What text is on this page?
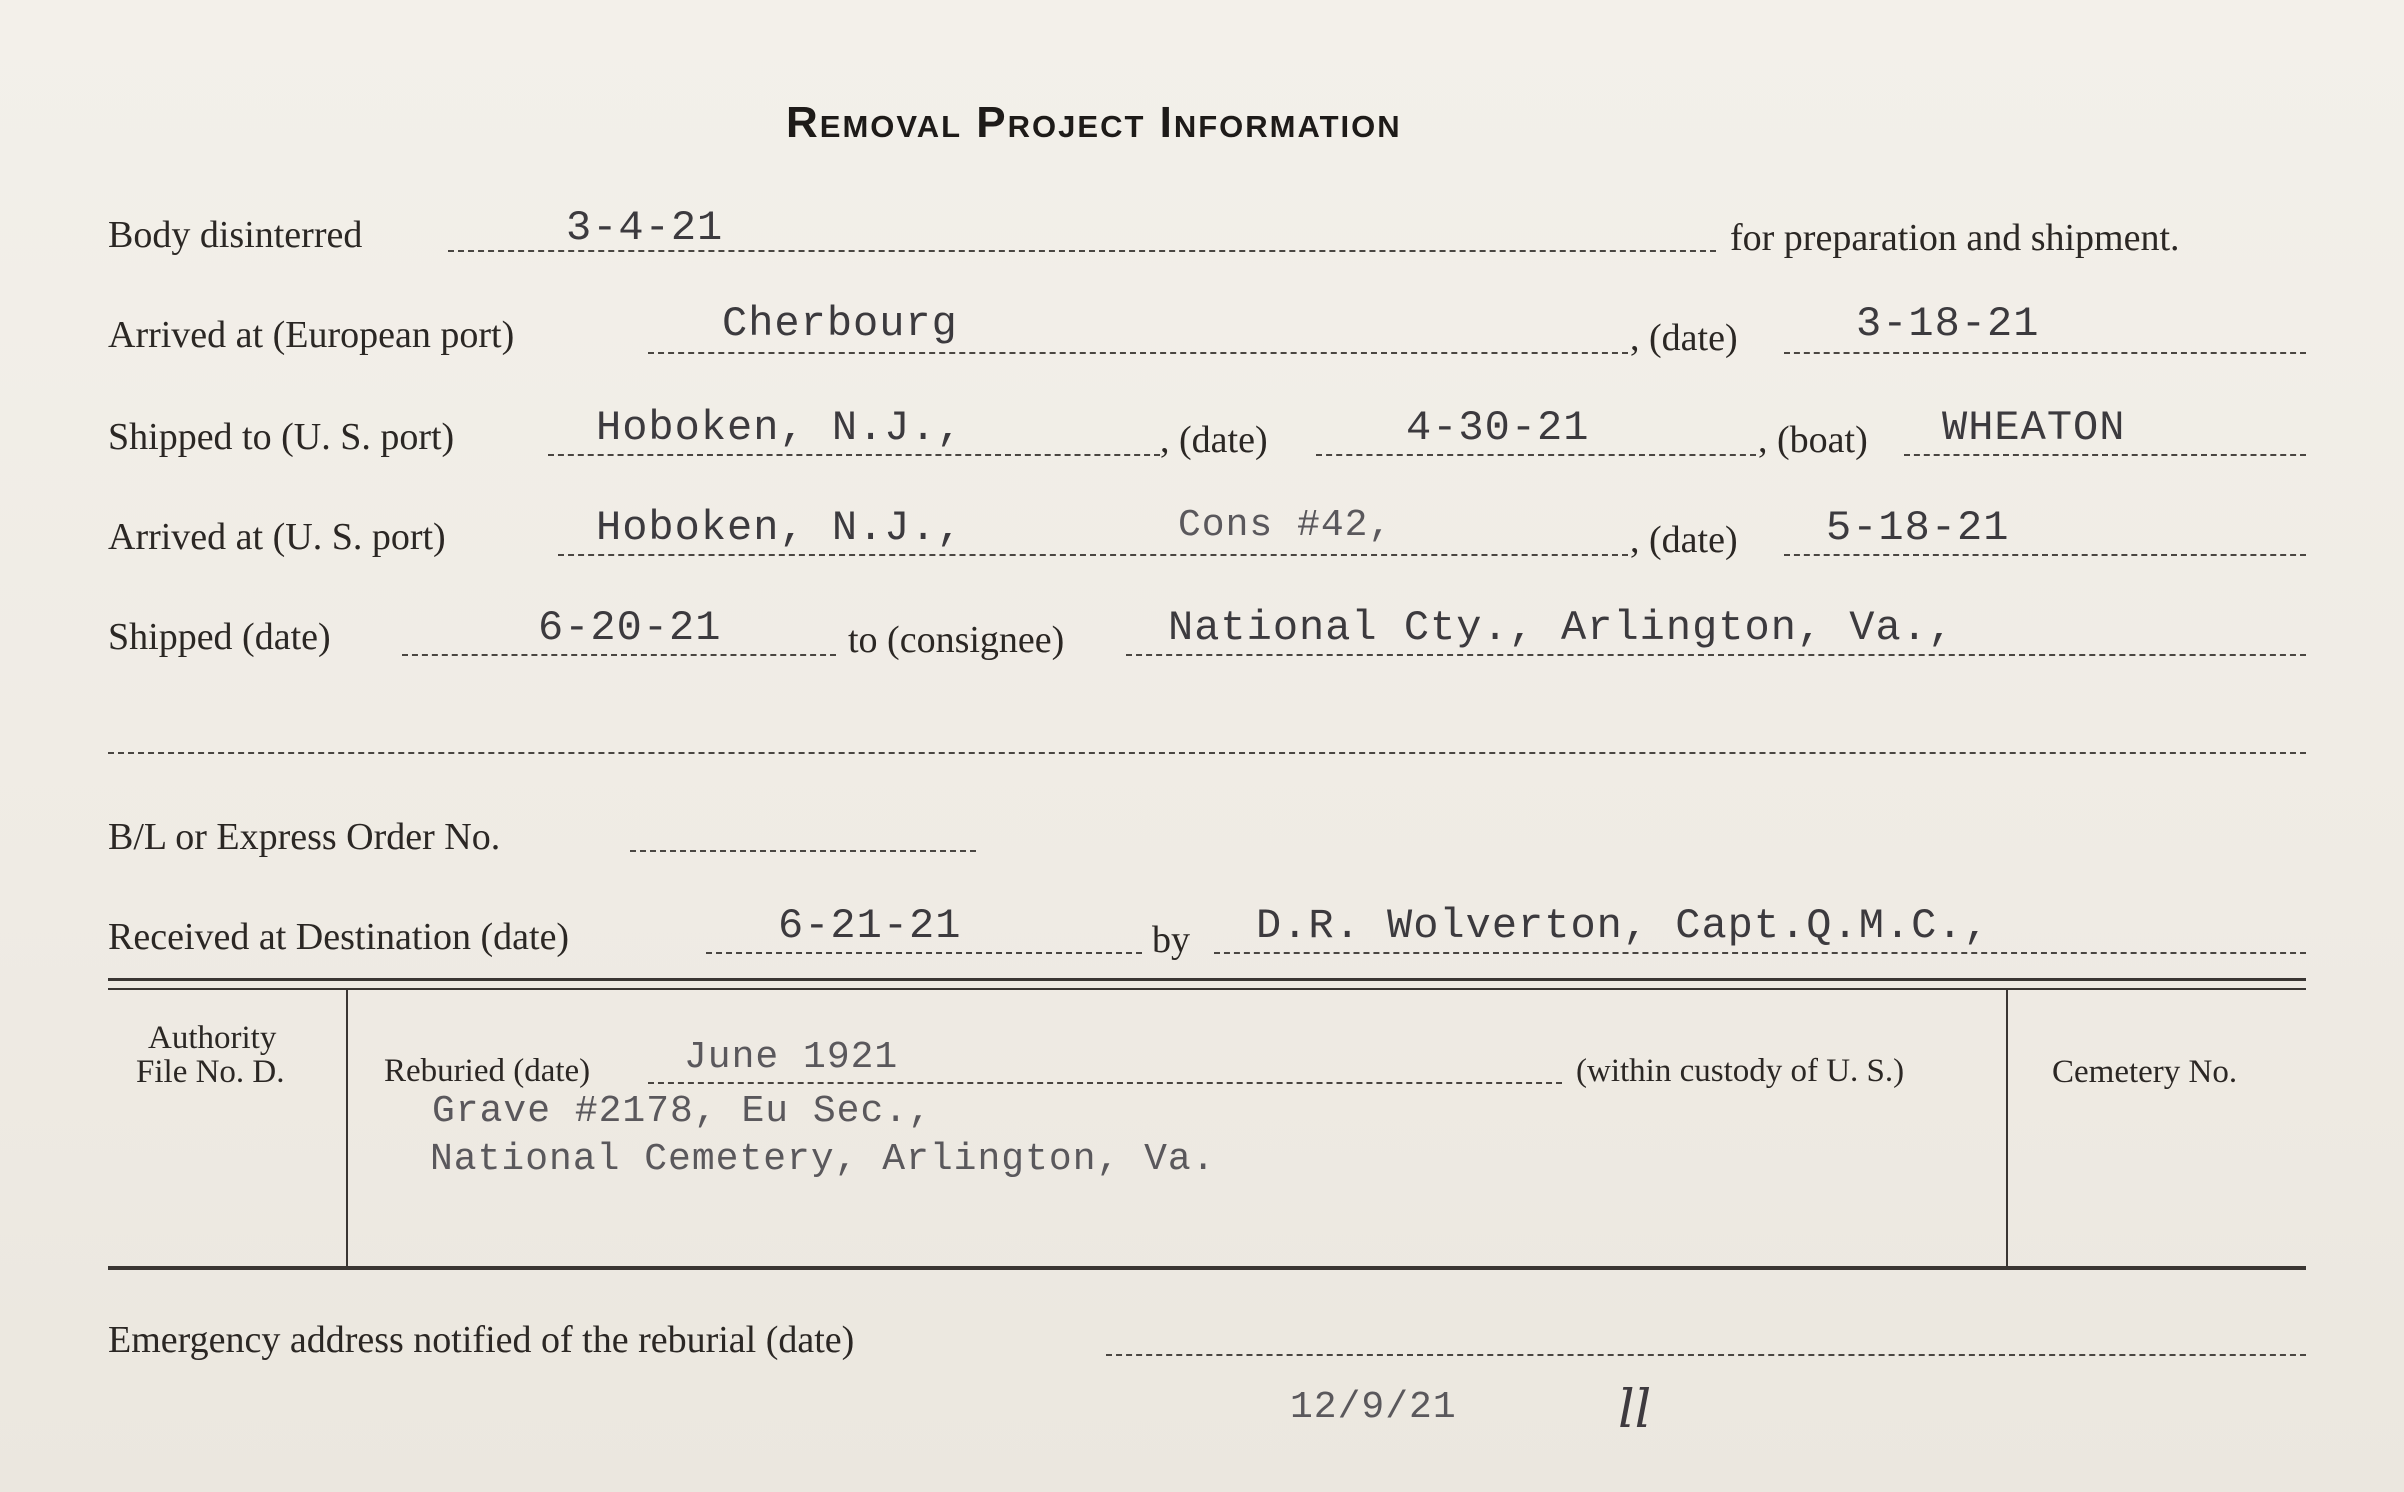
Removal Project Information
Body disinterred	3-4-21	for preparation and shipment.
Arrived at (European port)	Cherbourg	, (date)	3-18-21
Shipped to (U. S. port)	Hoboken, N.J.,	, (date)	4-30-21	, (boat) WHEATON
Arrived at (U. S. port)	Hoboken, N.J.,	Cons #42,	, (date) 5-18-21
Shipped (date)	6-20-21	to (consignee) National Cty., Arlington, Va.,
B/L or Express Order No.
Received at Destination (date)	6-21-21	by D.R. Wolverton, Capt.Q.M.C.,
Authority
File No. D.	Reburied (date) June 1921	(within custody of U. S.)
Grave #2178, Eu Sec.,
National Cemetery, Arlington, Va.
Cemetery No.
Emergency address notified of the reburial (date)
12/9/21	ll
